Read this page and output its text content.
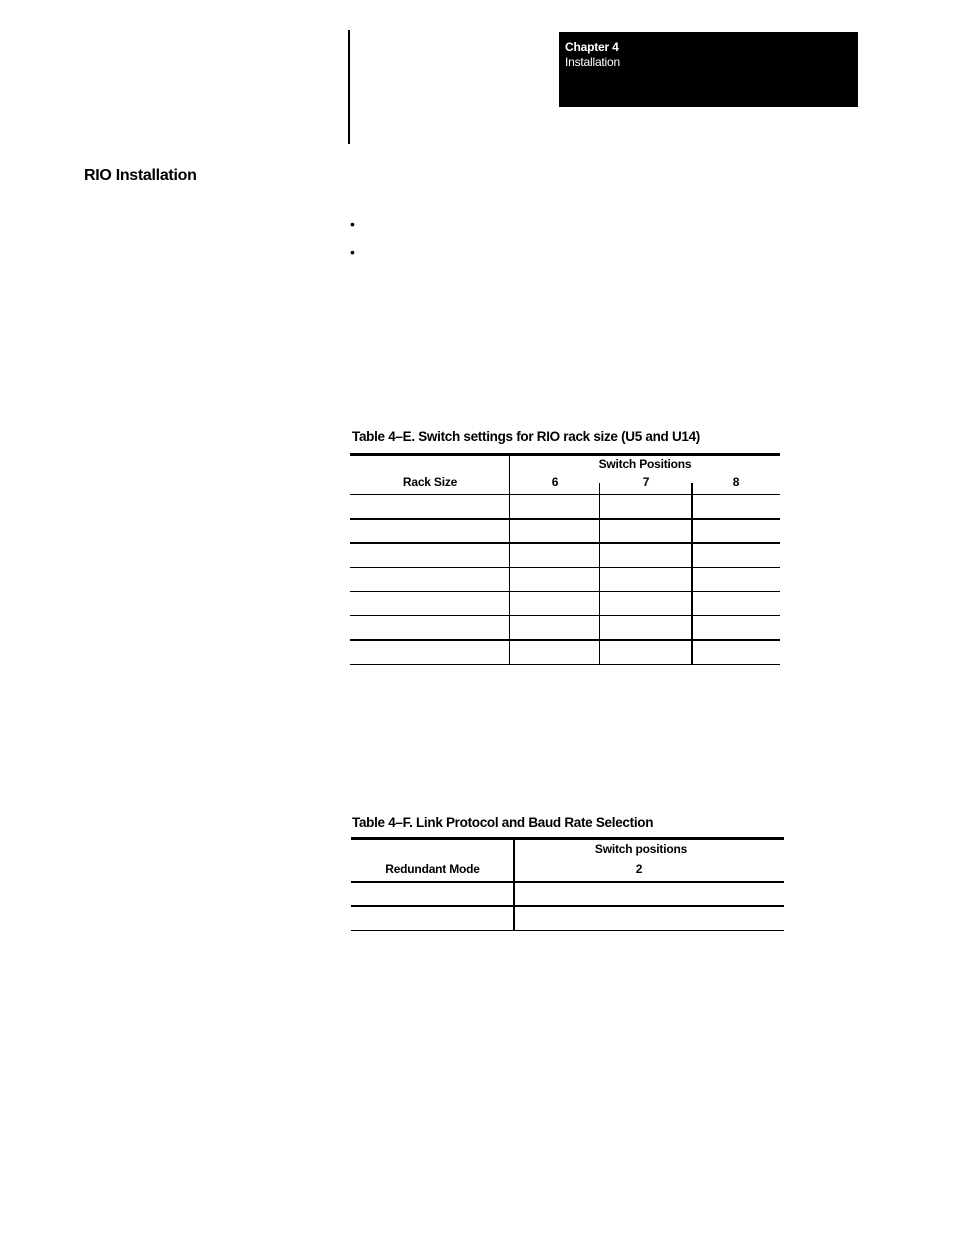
Chapter 4
Installation
RIO Installation
•
•
Table 4–E. Switch settings for RIO rack size (U5 and U14)
Rack Size
Switch Positions
6	7	8
Table 4–F. Link Protocol and Baud Rate Selection
Redundant Mode
Switch positions
2
